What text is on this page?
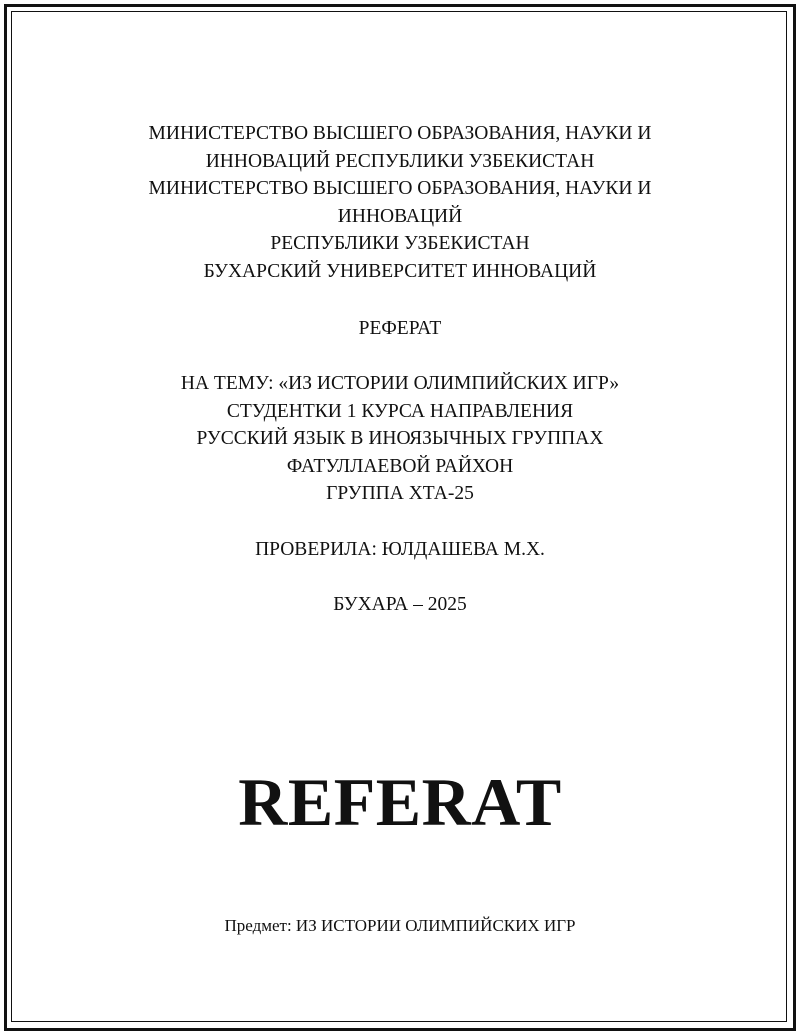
МИНИСТЕРСТВО ВЫСШЕГО ОБРАЗОВАНИЯ, НАУКИ И
ИННОВАЦИЙ РЕСПУБЛИКИ УЗБЕКИСТАН
МИНИСТЕРСТВО ВЫСШЕГО ОБРАЗОВАНИЯ, НАУКИ И
ИННОВАЦИЙ
РЕСПУБЛИКИ УЗБЕКИСТАН
БУХАРСКИЙ УНИВЕРСИТЕТ ИННОВАЦИЙ
РЕФЕРАТ
НА ТЕМУ: «ИЗ ИСТОРИИ ОЛИМПИЙСКИХ ИГР»
СТУДЕНТКИ 1 КУРСА НАПРАВЛЕНИЯ
РУССКИЙ ЯЗЫК В ИНОЯЗЫЧНЫХ ГРУППАХ
ФАТУЛЛАЕВОЙ РАЙХОН
ГРУППА ХТА-25
ПРОВЕРИЛА: ЮЛДАШЕВА М.Х.
БУХАРА – 2025
REFERAT
Предмет: ИЗ ИСТОРИИ ОЛИМПИЙСКИХ ИГР
